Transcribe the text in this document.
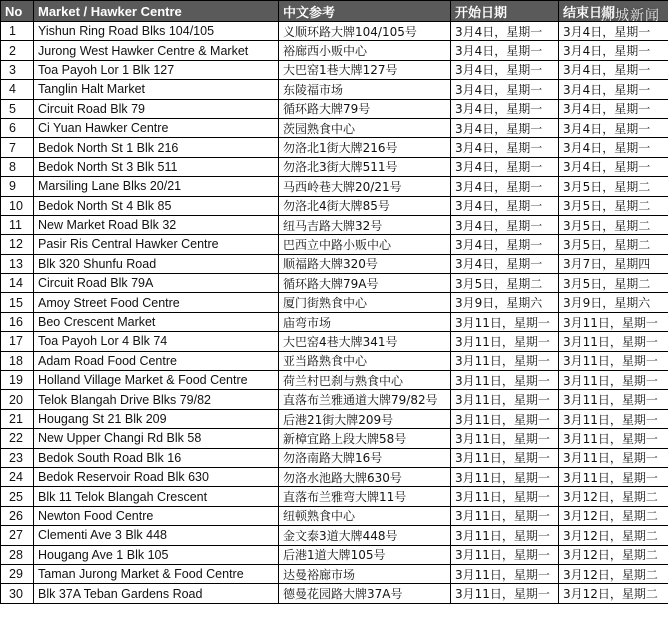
No	Market / Hawker Centre	中文参考	开始日期	结束日期
1	Yishun Ring Road Blks 104/105	义顺环路大牌104/105号	3月4日，星期一	3月4日，星期一
2	Jurong West Hawker Centre & Market	裕廊西小贩中心	3月4日，星期一	3月4日，星期一
3	Toa Payoh Lor 1 Blk 127	大巴窑1巷大牌127号	3月4日，星期一	3月4日，星期一
4	Tanglin Halt Market	东陵福市场	3月4日，星期一	3月4日，星期一
5	Circuit Road Blk 79	循环路大牌79号	3月4日，星期一	3月4日，星期一
6	Ci Yuan Hawker Centre	茨园熟食中心	3月4日，星期一	3月4日，星期一
7	Bedok North St 1 Blk 216	勿洛北1街大牌216号	3月4日，星期一	3月4日，星期一
8	Bedok North St 3 Blk 511	勿洛北3街大牌511号	3月4日，星期一	3月4日，星期一
9	Marsiling Lane Blks 20/21	马西岭巷大牌20/21号	3月4日，星期一	3月5日，星期二
10	Bedok North St 4 Blk 85	勿洛北4街大牌85号	3月4日，星期一	3月5日，星期二
11	New Market Road Blk 32	纽马吉路大牌32号	3月4日，星期一	3月5日，星期二
12	Pasir Ris Central Hawker Centre	巴西立中路小贩中心	3月4日，星期一	3月5日，星期二
13	Blk 320 Shunfu Road	顺福路大牌320号	3月4日，星期一	3月7日，星期四
14	Circuit Road Blk 79A	循环路大牌79A号	3月5日，星期二	3月5日，星期二
15	Amoy Street Food Centre	厦门街熟食中心	3月9日，星期六	3月9日，星期六
16	Beo Crescent Market	庙弯市场	3月11日，星期一	3月11日，星期一
17	Toa Payoh Lor 4 Blk 74	大巴窑4巷大牌341号	3月11日，星期一	3月11日，星期一
18	Adam Road Food Centre	亚当路熟食中心	3月11日，星期一	3月11日，星期一
19	Holland Village Market & Food Centre	荷兰村巴刹与熟食中心	3月11日，星期一	3月11日，星期一
20	Telok Blangah Drive Blks 79/82	直落布兰雅通道大牌79/82号	3月11日，星期一	3月11日，星期一
21	Hougang St 21 Blk 209	后港21街大牌209号	3月11日，星期一	3月11日，星期一
22	New Upper Changi Rd Blk 58	新樟宜路上段大牌58号	3月11日，星期一	3月11日，星期一
23	Bedok South Road Blk 16	勿洛南路大牌16号	3月11日，星期一	3月11日，星期一
24	Bedok Reservoir Road Blk 630	勿洛水池路大牌630号	3月11日，星期一	3月11日，星期一
25	Blk 11 Telok Blangah Crescent	直落布兰雅弯大牌11号	3月11日，星期一	3月12日，星期二
26	Newton Food Centre	纽顿熟食中心	3月11日，星期一	3月12日，星期二
27	Clementi Ave 3 Blk 448	金文泰3道大牌448号	3月11日，星期一	3月12日，星期二
28	Hougang Ave 1 Blk 105	后港1道大牌105号	3月11日，星期一	3月12日，星期二
29	Taman Jurong Market & Food Centre	达曼裕廊市场	3月11日，星期一	3月12日，星期二
30	Blk 37A Teban Gardens Road	德曼花园路大牌37A号	3月11日，星期一	3月12日，星期二
狮城新闻
